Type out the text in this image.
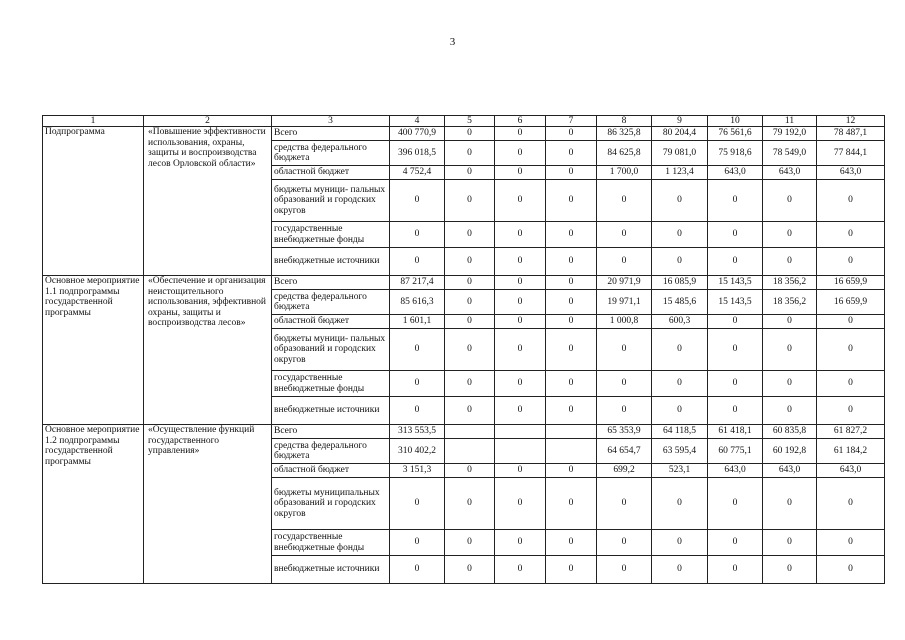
3
1	2	3	4	5	6	7	8	9	10	11	12
Подпрограмма	«Повышение эффективности использования, охраны, защиты и воспроизводства лесов Орловской области»	Всего	400 770,9	0	0	0	86 325,8	80 204,4	76 561,6	79 192,0	78 487,1
		средства федерального бюджета	396 018,5	0	0	0	84 625,8	79 081,0	75 918,6	78 549,0	77 844,1
		областной бюджет	4 752,4	0	0	0	1 700,0	1 123,4	643,0	643,0	643,0
		бюджеты муници- пальных образований и городских округов	0	0	0	0	0	0	0	0	0
		государственные внебюджетные фонды	0	0	0	0	0	0	0	0	0
		внебюджетные источники	0	0	0	0	0	0	0	0	0
Основное мероприятие 1.1 подпрограммы государственной программы	«Обеспечение и организация неистощительного использования, эффективной охраны, защиты и воспроизводства лесов»	Всего	87 217,4	0	0	0	20 971,9	16 085,9	15 143,5	18 356,2	16 659,9
		средства федерального бюджета	85 616,3	0	0	0	19 971,1	15 485,6	15 143,5	18 356,2	16 659,9
		областной бюджет	1 601,1	0	0	0	1 000,8	600,3	0	0	0
		бюджеты муници- пальных образований и городских округов	0	0	0	0	0	0	0	0	0
		государственные внебюджетные фонды	0	0	0	0	0	0	0	0	0
		внебюджетные источники	0	0	0	0	0	0	0	0	0
Основное мероприятие 1.2 подпрограммы государственной программы	«Осуществление функций государственного управления»	Всего	313 553,5				65 353,9	64 118,5	61 418,1	60 835,8	61 827,2
		средства федерального бюджета	310 402,2				64 654,7	63 595,4	60 775,1	60 192,8	61 184,2
		областной бюджет	3 151,3	0	0	0	699,2	523,1	643,0	643,0	643,0
		бюджеты муниципальных образований и городских округов	0	0	0	0	0	0	0	0	0
		государственные внебюджетные фонды	0	0	0	0	0	0	0	0	0
		внебюджетные источники	0	0	0	0	0	0	0	0	0
